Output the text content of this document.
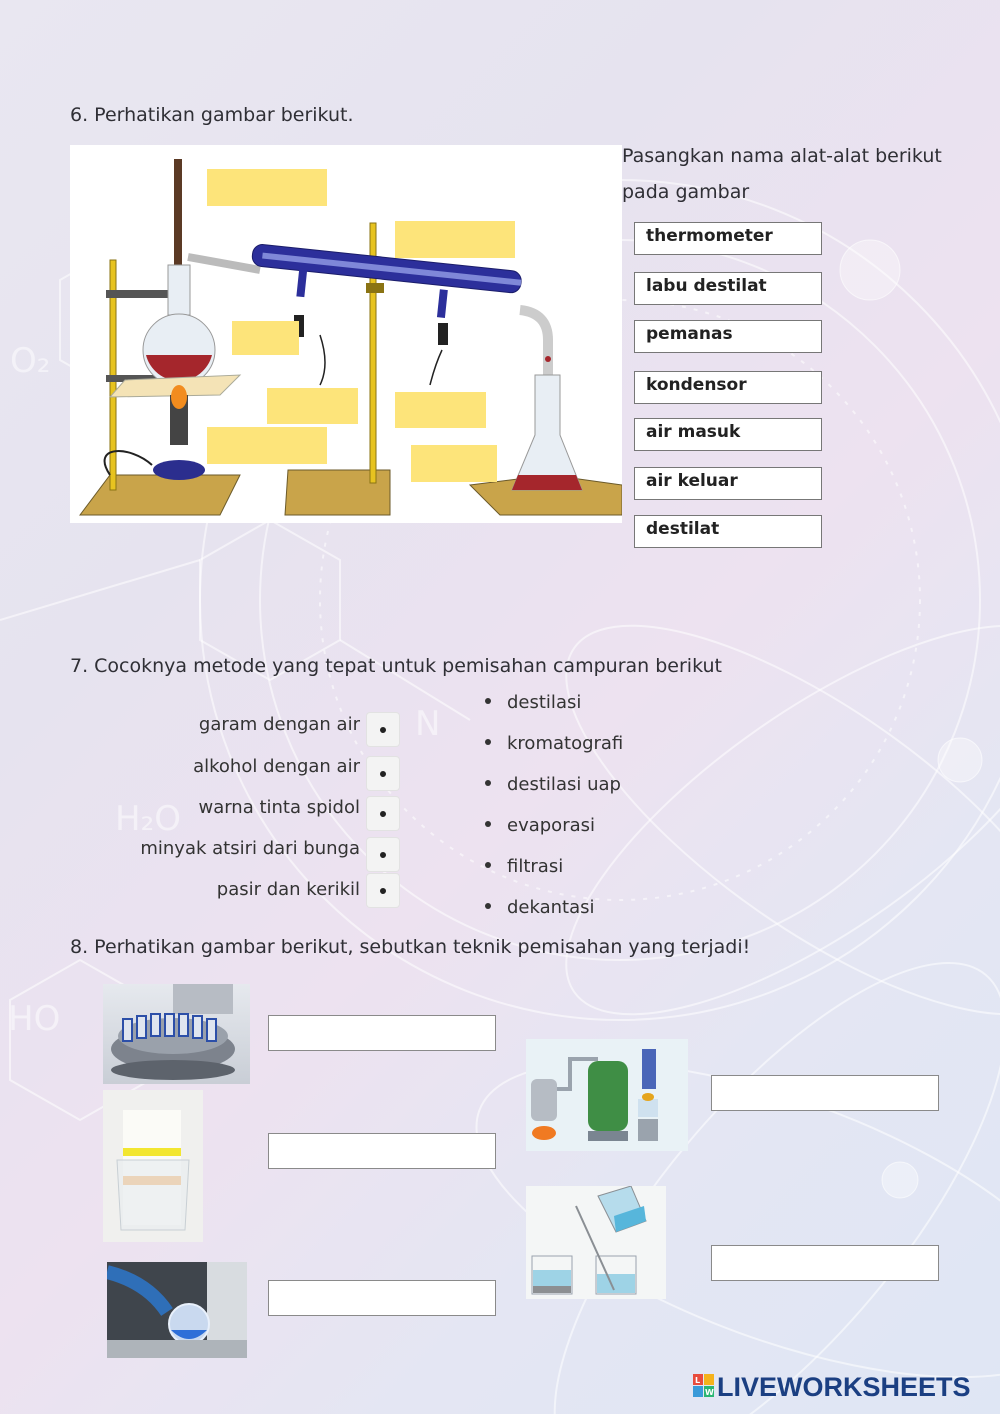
O₂
H₂O
HO
N
6. Perhatikan gambar berikut.
Pasangkan nama alat-alat berikut pada gambar
thermometer
labu destilat
pemanas
kondensor
air masuk
air keluar
destilat
7. Cocoknya metode yang tepat untuk pemisahan campuran berikut
garam dengan air
alkohol dengan air
warna tinta spidol
minyak atsiri dari bunga
pasir dan kerikil
destilasi
kromatografi
destilasi uap
evaporasi
filtrasi
dekantasi
8. Perhatikan gambar berikut, sebutkan teknik pemisahan yang terjadi!
L
W LIVEWORKSHEETS
